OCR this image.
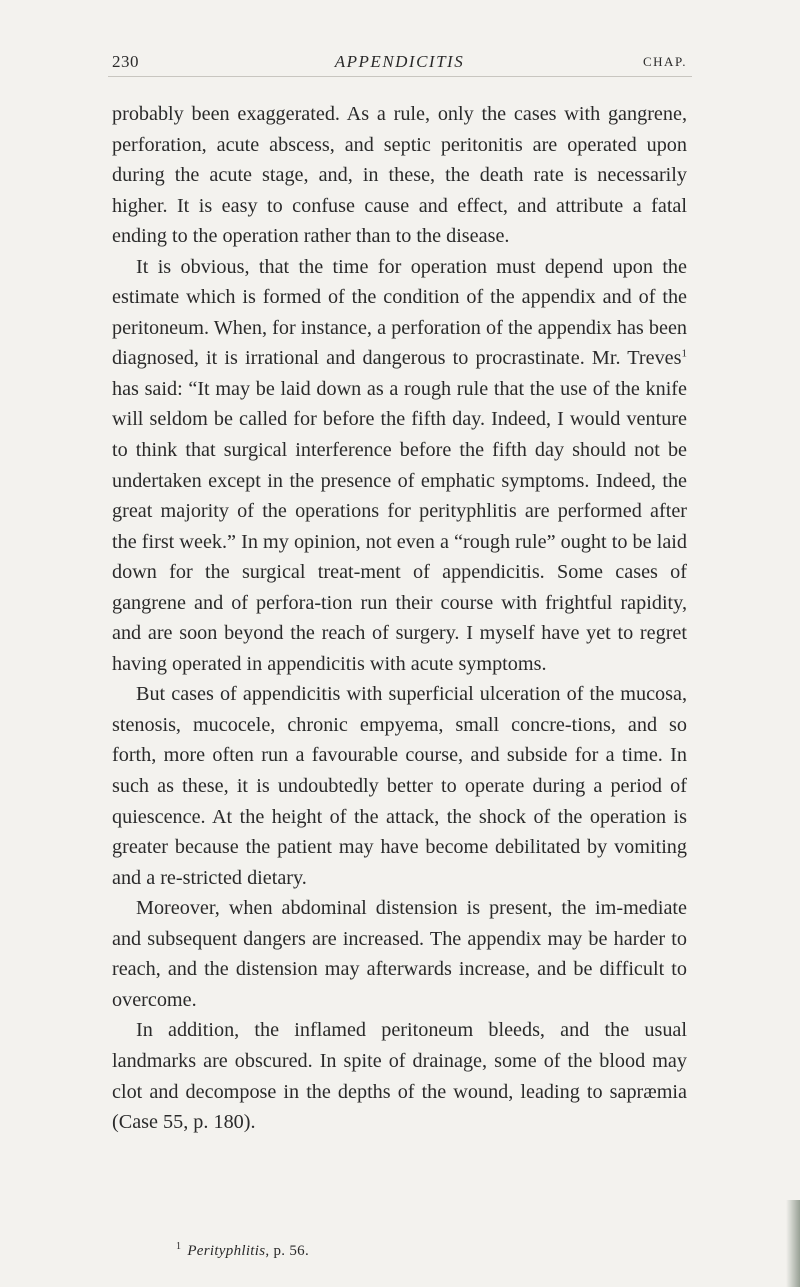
230	APPENDICITIS	CHAP.

probably been exaggerated. As a rule, only the cases with gangrene, perforation, acute abscess, and septic peritonitis are operated upon during the acute stage, and, in these, the death rate is necessarily higher. It is easy to confuse cause and effect, and attribute a fatal ending to the operation rather than to the disease.

It is obvious, that the time for operation must depend upon the estimate which is formed of the condition of the appendix and of the peritoneum. When, for instance, a perforation of the appendix has been diagnosed, it is irrational and dangerous to procrastinate. Mr. Treves$^1$ has said: “It may be laid down as a rough rule that the use of the knife will seldom be called for before the fifth day. Indeed, I would venture to think that surgical interference before the fifth day should not be undertaken except in the presence of emphatic symptoms. Indeed, the great majority of the operations for perityphlitis are performed after the first week.” In my opinion, not even a “rough rule” ought to be laid down for the surgical treat-ment of appendicitis. Some cases of gangrene and of perfora-tion run their course with frightful rapidity, and are soon beyond the reach of surgery. I myself have yet to regret having operated in appendicitis with acute symptoms.

But cases of appendicitis with superficial ulceration of the mucosa, stenosis, mucocele, chronic empyema, small concre-tions, and so forth, more often run a favourable course, and subside for a time. In such as these, it is undoubtedly better to operate during a period of quiescence. At the height of the attack, the shock of the operation is greater because the patient may have become debilitated by vomiting and a re-stricted dietary.

Moreover, when abdominal distension is present, the im-mediate and subsequent dangers are increased. The appendix may be harder to reach, and the distension may afterwards increase, and be difficult to overcome.

In addition, the inflamed peritoneum bleeds, and the usual landmarks are obscured. In spite of drainage, some of the blood may clot and decompose in the depths of the wound, leading to sapræmia (Case 55, p. 180).

$^1$ Perityphlitis, p. 56.
